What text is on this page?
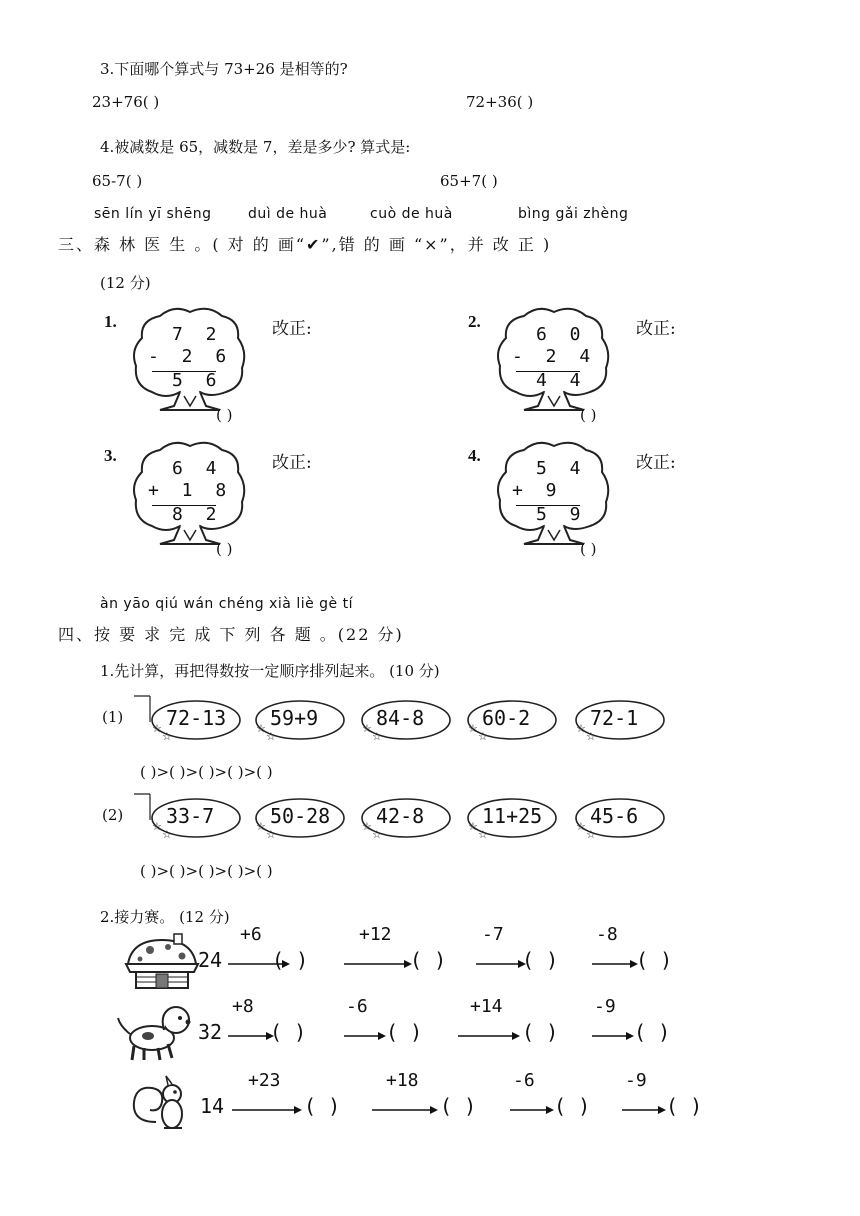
3.下面哪个算式与 73+26 是相等的?
23+76( )	72+36( )
4.被减数是 65，减数是 7，差是多少? 算式是:
65-7( )	65+7( )
sēn lín yī shēng	duì de huà	cuò de huà	bìng gǎi zhèng
三、森 林 医 生 。( 对 的 画“✔”,错 的 画 “×”，并 改 正 )
(12 分)
1.
7 2
- 2 6
5 6
( )
改正:	2.
6 0
- 2 4
4 4
( )
改正:
3.
6 4
+ 1 8
8 2
( )
改正:	4.
5 4
+ 9
5 9
( )
改正:
àn yāo qiú wán chéng xià liè gè tí
四、按 要 求 完 成 下 列 各 题 。(22 分)
1.先计算，再把得数按一定顺序排列起来。 (10 分)
(1)
(2)
☆
☆
72-13	☆
☆
59+9	☆
☆
84-8	☆
☆
60-2	☆
☆
72-1
☆
☆
33-7	☆
☆
50-28	☆
☆
42-8	☆
☆
11+25	☆
☆
45-6
( )>( )>( )>( )>( )
( )>( )>( )>( )>( )
2.接力赛。 (12 分)
24
+6
( )
+12
( )
-7
( )
-8
( )
32
+8
( )
-6
( )
+14
( )
-9
( )
14
+23
( )
+18
( )
-6
( )
-9
( )
